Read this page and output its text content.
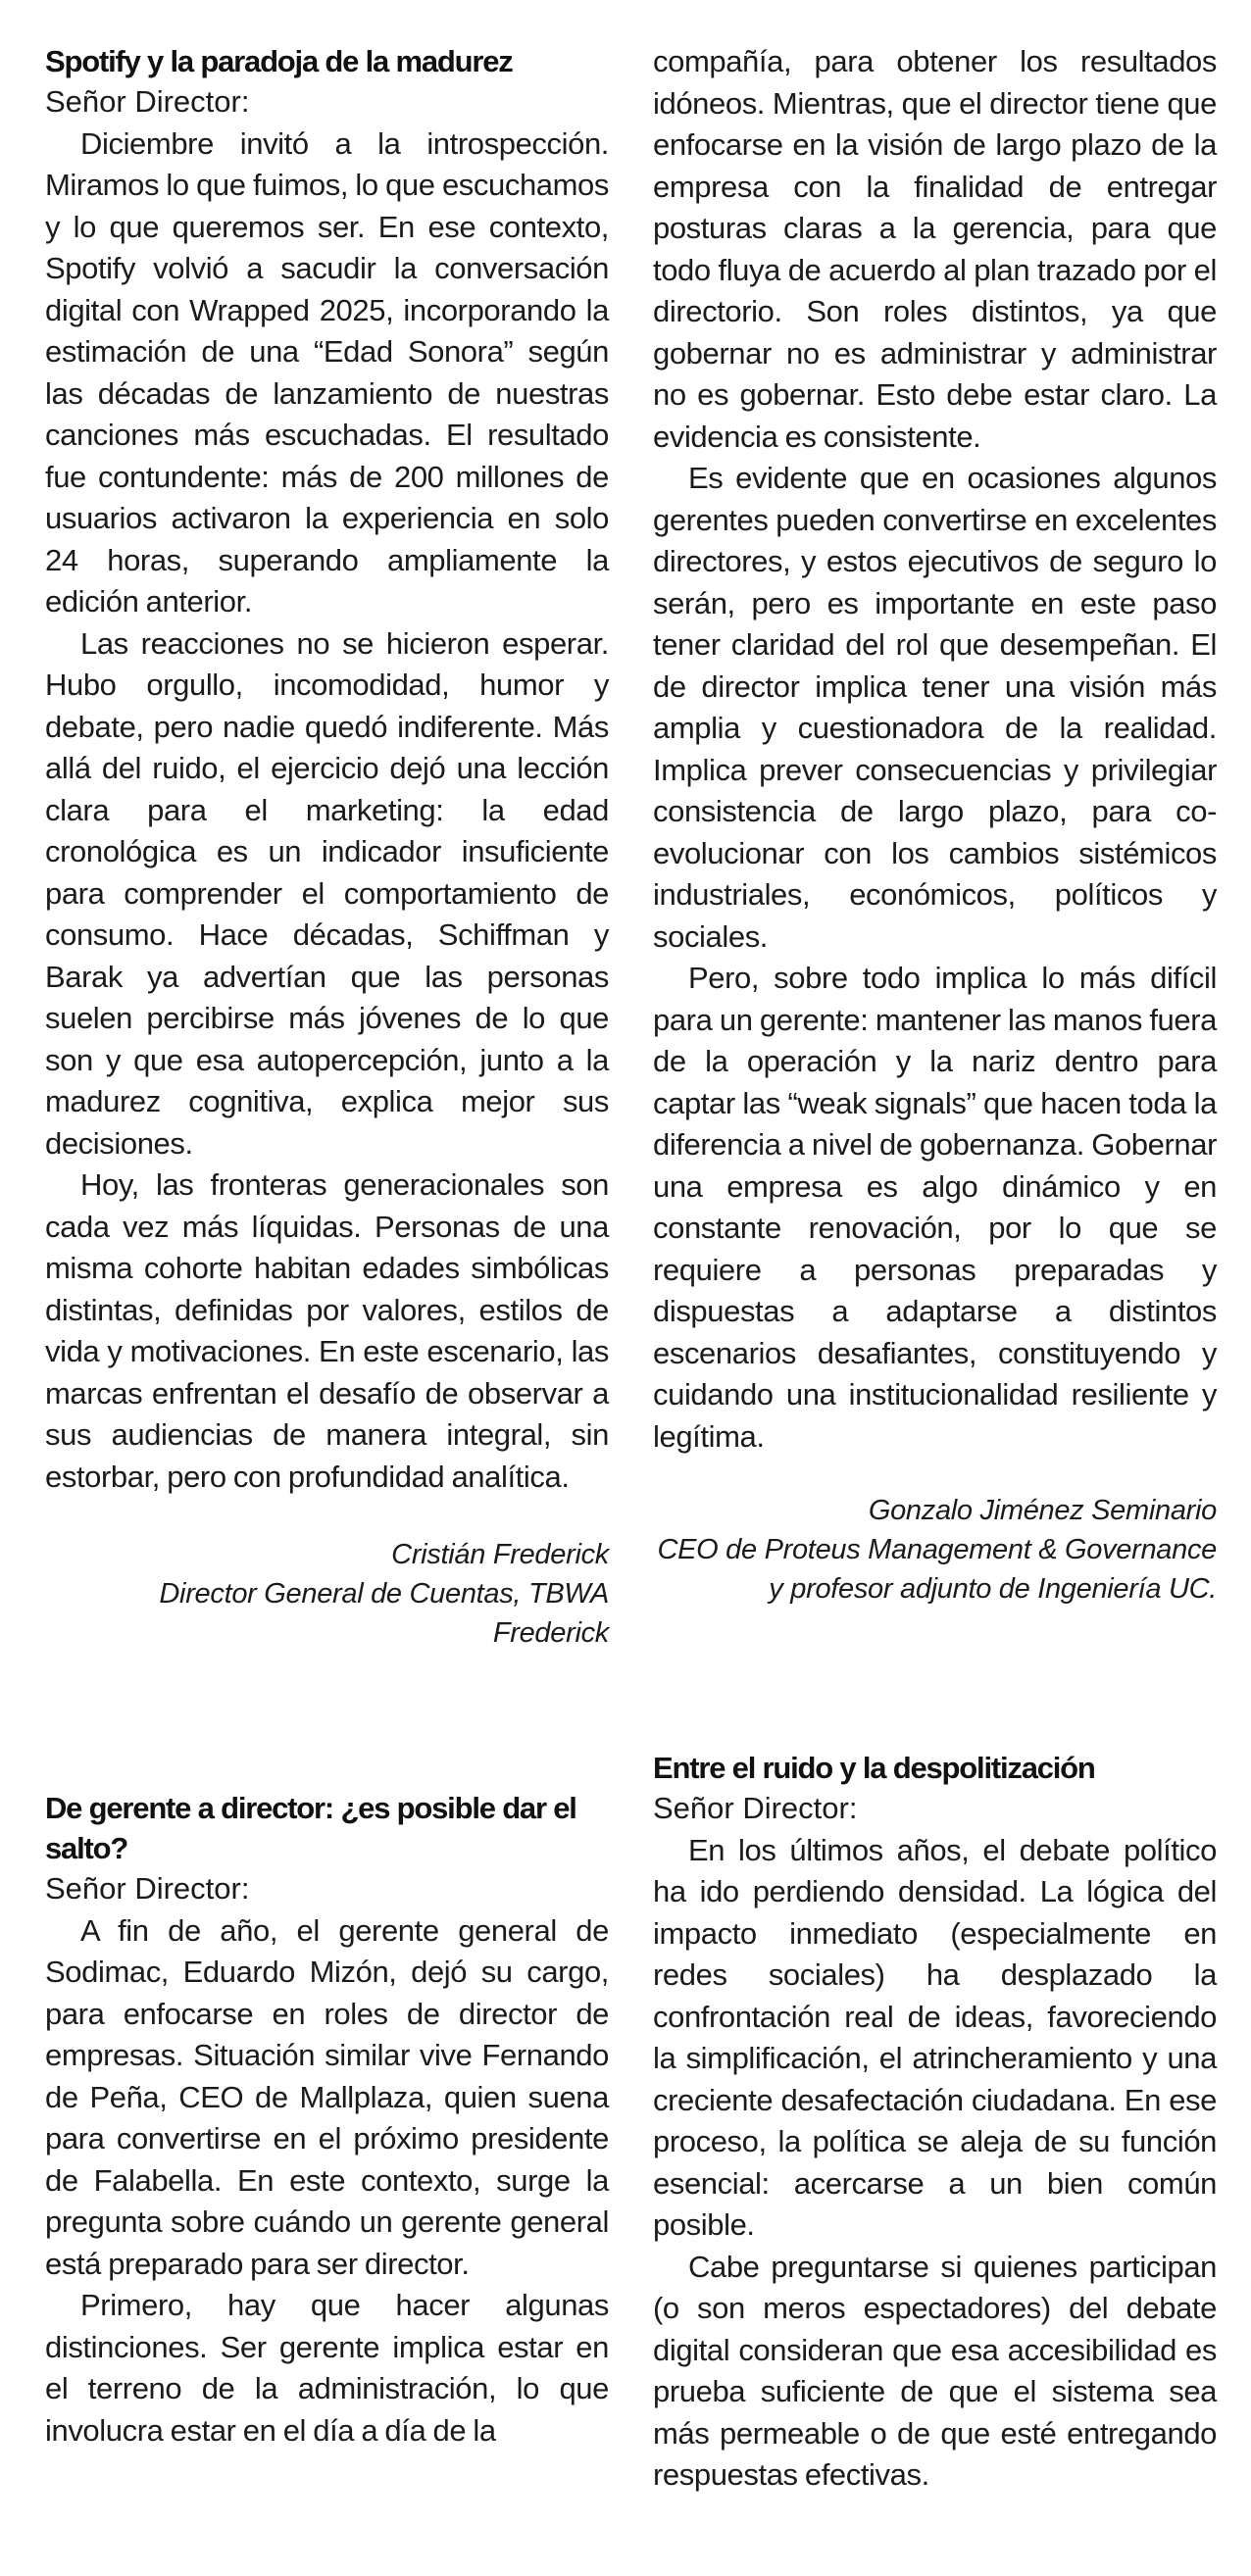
Spotify y la paradoja de la madurez

Señor Director:

Diciembre invitó a la introspección. Miramos lo que fuimos, lo que escuchamos y lo que queremos ser. En ese contexto, Spotify volvió a sacudir la conversación digital con Wrapped 2025, incorporando la estimación de una “Edad Sonora” según las décadas de lanzamiento de nuestras canciones más escuchadas. El resultado fue contundente: más de 200 millones de usuarios activaron la experiencia en solo 24 horas, superando ampliamente la edición anterior.

Las reacciones no se hicieron esperar. Hubo orgullo, incomodidad, humor y debate, pero nadie quedó indiferente. Más allá del ruido, el ejercicio dejó una lección clara para el marketing: la edad cronológica es un indicador insuficiente para comprender el comportamiento de consumo. Hace décadas, Schiffman y Barak ya advertían que las personas suelen percibirse más jóvenes de lo que son y que esa autopercepción, junto a la madurez cognitiva, explica mejor sus decisiones.

Hoy, las fronteras generacionales son cada vez más líquidas. Personas de una misma cohorte habitan edades simbólicas distintas, definidas por valores, estilos de vida y motivaciones. En este escenario, las marcas enfrentan el desafío de observar a sus audiencias de manera integral, sin estorbar, pero con profundidad analítica.

Cristián Frederick
Director General de Cuentas, TBWA Frederick

De gerente a director: ¿es posible dar el salto?

Señor Director:

A fin de año, el gerente general de Sodimac, Eduardo Mizón, dejó su cargo, para enfocarse en roles de director de empresas. Situación similar vive Fernando de Peña, CEO de Mallplaza, quien suena para convertirse en el próximo presidente de Falabella. En este contexto, surge la pregunta sobre cuándo un gerente general está preparado para ser director.

Primero, hay que hacer algunas distinciones. Ser gerente implica estar en el terreno de la administración, lo que involucra estar en el día a día de la

compañía, para obtener los resultados idóneos. Mientras, que el director tiene que enfocarse en la visión de largo plazo de la empresa con la finalidad de entregar posturas claras a la gerencia, para que todo fluya de acuerdo al plan trazado por el directorio. Son roles distintos, ya que gobernar no es administrar y administrar no es gobernar. Esto debe estar claro. La evidencia es consistente.

Es evidente que en ocasiones algunos gerentes pueden convertirse en excelentes directores, y estos ejecutivos de seguro lo serán, pero es importante en este paso tener claridad del rol que desempeñan. El de director implica tener una visión más amplia y cuestionadora de la realidad. Implica prever consecuencias y privilegiar consistencia de largo plazo, para co-evolucionar con los cambios sistémicos industriales, económicos, políticos y sociales.

Pero, sobre todo implica lo más difícil para un gerente: mantener las manos fuera de la operación y la nariz dentro para captar las “weak signals” que hacen toda la diferencia a nivel de gobernanza. Gobernar una empresa es algo dinámico y en constante renovación, por lo que se requiere a personas preparadas y dispuestas a adaptarse a distintos escenarios desafiantes, constituyendo y cuidando una institucionalidad resiliente y legítima.

Gonzalo Jiménez Seminario
CEO de Proteus Management & Governance y profesor adjunto de Ingeniería UC.

Entre el ruido y la despolitización

Señor Director:

En los últimos años, el debate político ha ido perdiendo densidad. La lógica del impacto inmediato (especialmente en redes sociales) ha desplazado la confrontación real de ideas, favoreciendo la simplificación, el atrincheramiento y una creciente desafectación ciudadana. En ese proceso, la política se aleja de su función esencial: acercarse a un bien común posible.

Cabe preguntarse si quienes participan (o son meros espectadores) del debate digital consideran que esa accesibilidad es prueba suficiente de que el sistema sea más permeable o de que esté entregando respuestas efectivas.
